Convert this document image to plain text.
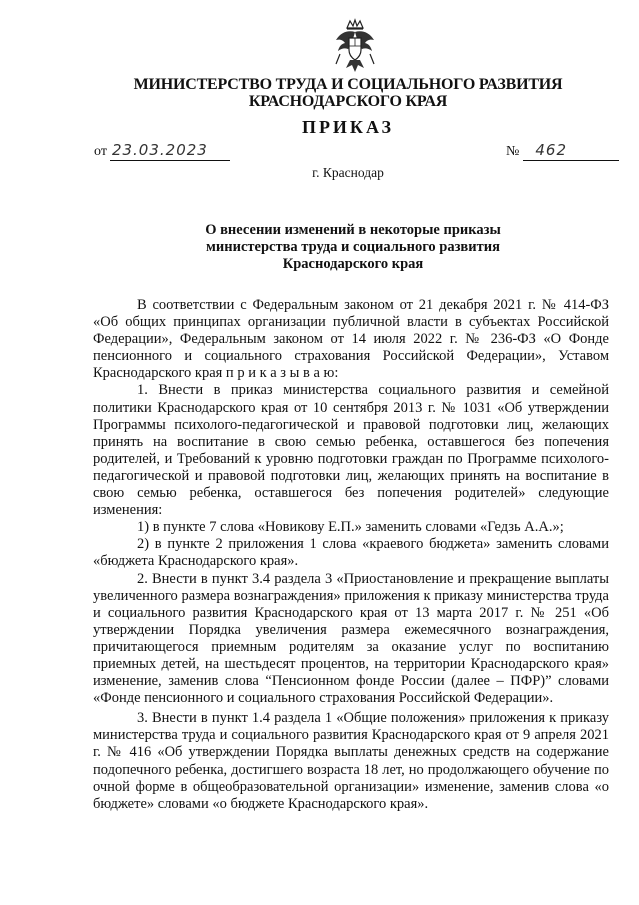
МИНИСТЕРСТВО ТРУДА И СОЦИАЛЬНОГО РАЗВИТИЯ
КРАСНОДАРСКОГО КРАЯ
ПРИКАЗ
от 23.03.2023	№ 462
г. Краснодар
О внесении изменений в некоторые приказы
министерства труда и социального развития
Краснодарского края

В соответствии с Федеральным законом от 21 декабря 2021 г. № 414-ФЗ «Об общих принципах организации публичной власти в субъектах Российской Федерации», Федеральным законом от 14 июля 2022 г. № 236-ФЗ «О Фонде пенсионного и социального страхования Российской Федерации», Уставом Краснодарского края п р и к а з ы в а ю:

1. Внести в приказ министерства социального развития и семейной политики Краснодарского края от 10 сентября 2013 г. № 1031 «Об утверждении Программы психолого-педагогической и правовой подготовки лиц, желающих принять на воспитание в свою семью ребенка, оставшегося без попечения родителей, и Требований к уровню подготовки граждан по Программе психолого-педагогической и правовой подготовки лиц, желающих принять на воспитание в свою семью ребенка, оставшегося без попечения родителей» следующие изменения:

1) в пункте 7 слова «Новикову Е.П.» заменить словами «Гедзь А.А.»;

2) в пункте 2 приложения 1 слова «краевого бюджета» заменить словами «бюджета Краснодарского края».

2. Внести в пункт 3.4 раздела 3 «Приостановление и прекращение выплаты увеличенного размера вознаграждения» приложения к приказу министерства труда и социального развития Краснодарского края от 13 марта 2017 г. № 251 «Об утверждении Порядка увеличения размера ежемесячного вознаграждения, причитающегося приемным родителям за оказание услуг по воспитанию приемных детей, на шестьдесят процентов, на территории Краснодарского края» изменение, заменив слова “Пенсионном фонде России (далее – ПФР)” словами «Фонде пенсионного и социального страхования Российской Федерации».

3. Внести в пункт 1.4 раздела 1 «Общие положения» приложения к приказу министерства труда и социального развития Краснодарского края от 9 апреля 2021 г. № 416 «Об утверждении Порядка выплаты денежных средств на содержание подопечного ребенка, достигшего возраста 18 лет, но продолжающего обучение по очной форме в общеобразовательной организации» изменение, заменив слова «о бюджете» словами «о бюджете Краснодарского края».
